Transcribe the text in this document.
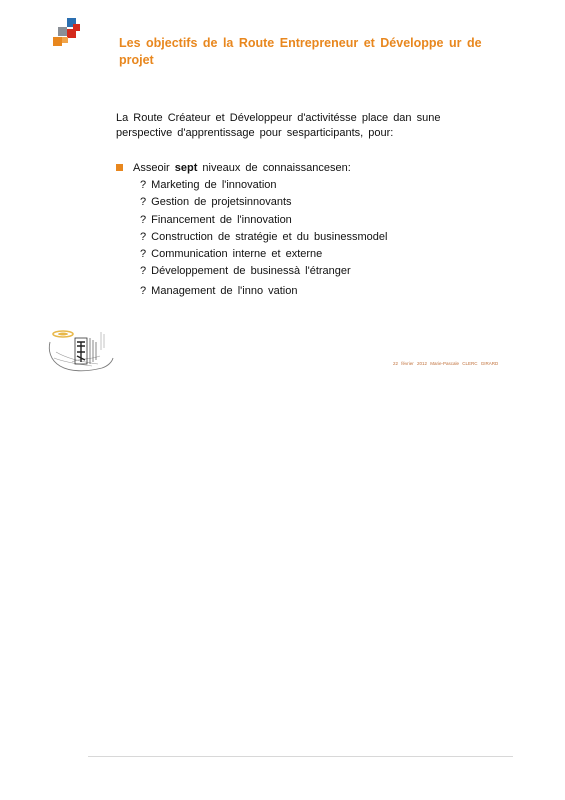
Les objectifs de la Route Entrepreneur et Développe ur de projet
La Route Créateur et Développeur d'activitésse place dan sune perspective d'apprentissage pour sesparticipants, pour:
Asseoir sept niveaux de connaissancesen:
? Marketing de l'innovation
? Gestion de projetsinnovants
? Financement de l'innovation
? Construction de stratégie et du businessmodel
? Communication interne et externe
? Développement de businessà l'étranger
? Management de l'inno vation
22 février 2012 Marie-Pascale CLERC GIRARD
